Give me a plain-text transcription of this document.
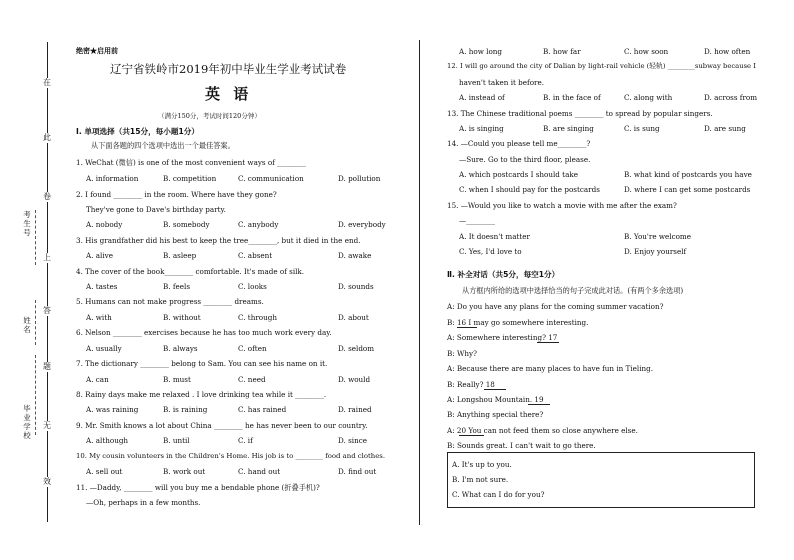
在
此
卷
上
答
题
无
效
考生号
姓名
毕业学校
绝密★启用前
辽宁省铁岭市2019年初中毕业生学业考试试卷
英 语
（满分150分，考试时间120分钟）
Ⅰ. 单项选择（共15分，每小题1分）
从下面各题的四个选项中选出一个最佳答案。
1. WeChat (微信) is one of the most convenient ways of ________
A. information	B. competition	C. communication	D. pollution
2. I found ________ in the room. Where have they gone?
They've gone to Dave's birthday party.
A. nobody	B. somebody	C. anybody	D. everybody
3. His grandfather did his best to keep the tree________, but it died in the end.
A. alive	B. asleep	C. absent	D. awake
4. The cover of the book________ comfortable. It's made of silk.
A. tastes	B. feels	C. looks	D. sounds
5. Humans can not make progress ________ dreams.
A. with	B. without	C. through	D. about
6. Nelson ________ exercises because he has too much work every day.
A. usually	B. always	C. often	D. seldom
7. The dictionary ________ belong to Sam. You can see his name on it.
A. can	B. must	C. need	D. would
8. Rainy days make me relaxed . I love drinking tea while it ________.
A. was raining	B. is raining	C. has rained	D. rained
9. Mr. Smith knows a lot about China ________ he has never been to our country.
A. although	B. until	C. if	D. since
10. My cousin volunteers in the Children's Home. His job is to ________ food and clothes.
A. sell out	B. work out	C. hand out	D. find out
11. —Daddy, ________ will you buy me a bendable phone (折叠手机)?
—Oh, perhaps in a few months.
A. how long	B. how far	C. how soon	D. how often
12. I will go around the city of Dalian by light-rail vehicle (轻轨) ________subway because I
haven't taken it before.
A. instead of	B. in the face of	C. along with	D. across from
13. The Chinese traditional poems ________ to spread by popular singers.
A. is singing	B. are singing	C. is sung	D. are sung
14. —Could you please tell me________?
—Sure. Go to the third floor, please.
A. which postcards I should take	B. what kind of postcards you have
C. when I should pay for the postcards	D. where I can get some postcards
15. —Would you like to watch a movie with me after the exam?
—________
A. It doesn't matter	B. You're welcome
C. Yes, I'd love to	D. Enjoy yourself
Ⅱ. 补全对话（共5分，每空1分）
从方框内所给的选项中选择恰当的句子完成此对话。(有两个多余选项)
A: Do you have any plans for the coming summer vacation?
B: 16 I may go somewhere interesting.
A: Somewhere interesting? 17
B: Why?
A: Because there are many places to have fun in Tieling.
B: Really? 18
A: Longshou Mountain. 19
B: Anything special there?
A: 20 You can not feed them so close anywhere else.
B: Sounds great. I can't wait to go there.
A. It's up to you.
B. I'm not sure.
C. What can I do for you?
